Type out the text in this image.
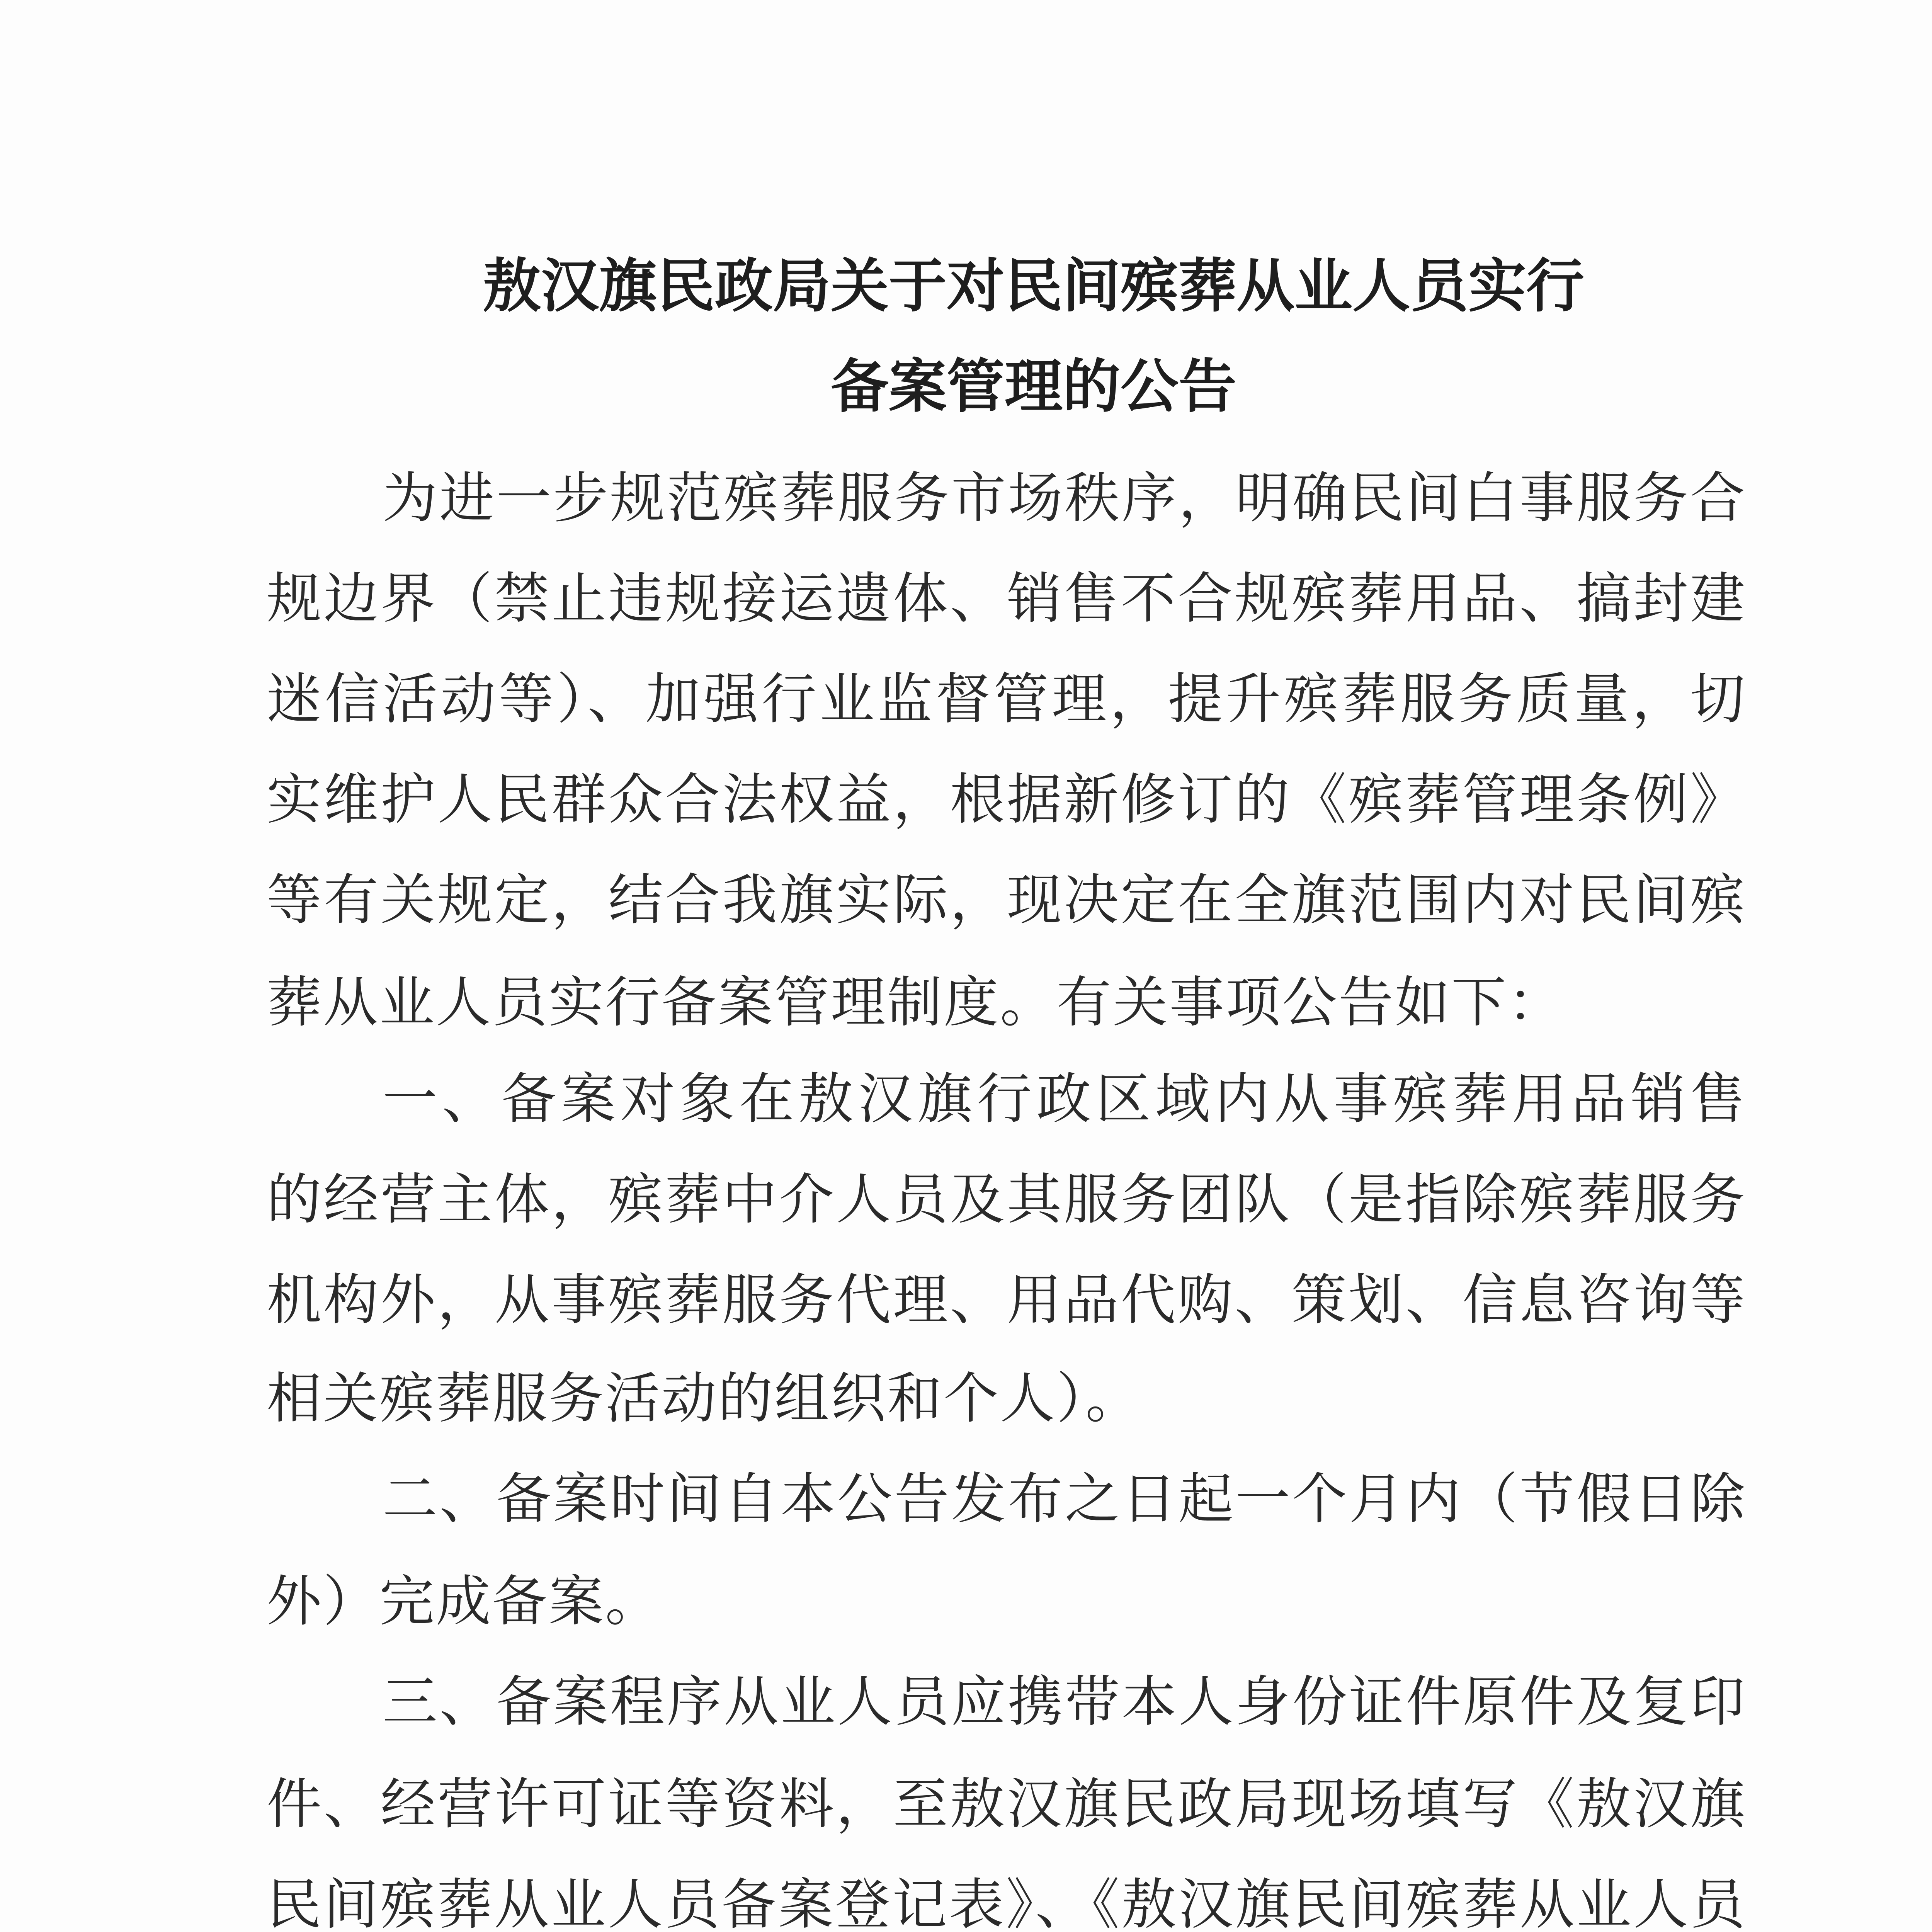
敖汉旗民政局关于对民间殡葬从业人员实行
备案管理的公告
为进一步规范殡葬服务市场秩序，明确民间白事服务合
规边界（禁止违规接运遗体、销售不合规殡葬用品、搞封建
迷信活动等）、加强行业监督管理，提升殡葬服务质量，切
实维护人民群众合法权益，根据新修订的《殡葬管理条例》
等有关规定，结合我旗实际，现决定在全旗范围内对民间殡
葬从业人员实行备案管理制度。有关事项公告如下：
一、备案对象在敖汉旗行政区域内从事殡葬用品销售
的经营主体，殡葬中介人员及其服务团队（是指除殡葬服务
机构外，从事殡葬服务代理、用品代购、策划、信息咨询等
相关殡葬服务活动的组织和个人）。
二、备案时间自本公告发布之日起一个月内（节假日除
外）完成备案。
三、备案程序从业人员应携带本人身份证件原件及复印
件、经营许可证等资料，至敖汉旗民政局现场填写《敖汉旗
民间殡葬从业人员备案登记表》、《敖汉旗民间殡葬从业人员
